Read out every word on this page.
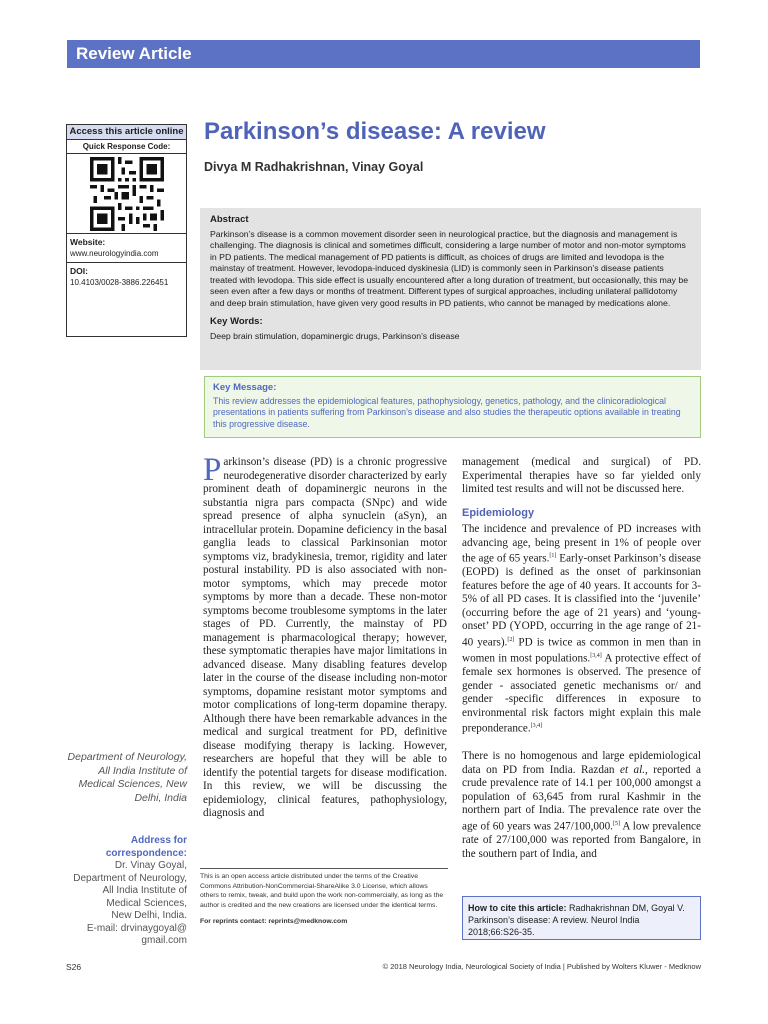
Review Article
Access this article online
Quick Response Code:
Website:
www.neurologyindia.com
DOI:
10.4103/0028-3886.226451
Parkinson’s disease: A review
Divya M Radhakrishnan, Vinay Goyal
Abstract

Parkinson’s disease is a common movement disorder seen in neurological practice, but the diagnosis and management is challenging. The diagnosis is clinical and sometimes difficult, considering a large number of motor and non-motor symptoms in PD patients. The medical management of PD patients is difficult, as choices of drugs are limited and levodopa is the mainstay of treatment. However, levodopa-induced dyskinesia (LID) is commonly seen in Parkinson’s disease patients treated with levodopa. This side effect is usually encountered after a long duration of treatment, but occasionally, this may be seen even after a few days or months of treatment. Different types of surgical approaches, including unilateral pallidotomy and deep brain stimulation, have given very good results in PD patients, who cannot be managed by medications alone.

Key Words:

Deep brain stimulation, dopaminergic drugs, Parkinson’s disease

Key Message:

This review addresses the epidemiological features, pathophysiology, genetics, pathology, and the clinicoradiological presentations in patients suffering from Parkinson’s disease and also studies the therapeutic options available in treating this progressive disease.

Parkinson’s disease (PD) is a chronic progressive neurodegenerative disorder characterized by early prominent death of dopaminergic neurons in the substantia nigra pars compacta (SNpc) and wide spread presence of alpha synuclein (aSyn), an intracellular protein. Dopamine deficiency in the basal ganglia leads to classical Parkinsonian motor symptoms viz, bradykinesia, tremor, rigidity and later postural instability. PD is also associated with non-motor symptoms, which may precede motor symptoms by more than a decade. These non-motor symptoms become troublesome symptoms in the later stages of PD. Currently, the mainstay of PD management is pharmacological therapy; however, these symptomatic therapies have major limitations in advanced disease. Many disabling features develop later in the course of the disease including non-motor symptoms, dopamine resistant motor symptoms and motor complications of long-term dopamine therapy. Although there have been remarkable advances in the medical and surgical treatment for PD, definitive disease modifying therapy is lacking. However, researchers are hopeful that they will be able to identify the potential targets for disease modification. In this review, we will be discussing the epidemiology, clinical features, pathophysiology, diagnosis and

management (medical and surgical) of PD. Experimental therapies have so far yielded only limited test results and will not be discussed here.

Epidemiology

The incidence and prevalence of PD increases with advancing age, being present in 1% of people over the age of 65 years.[1] Early-onset Parkinson’s disease (EOPD) is defined as the onset of parkinsonian features before the age of 40 years. It accounts for 3-5% of all PD cases. It is classified into the ‘juvenile’ (occurring before the age of 21 years) and ‘young-onset’ PD (YOPD, occurring in the age range of 21- 40 years).[2] PD is twice as common in men than in women in most populations.[3,4] A protective effect of female sex hormones is observed. The presence of gender - associated genetic mechanisms or/ and gender -specific differences in exposure to environmental risk factors might explain this male preponderance.[3,4]

There is no homogenous and large epidemiological data on PD from India. Razdan et al., reported a crude prevalence rate of 14.1 per 100,000 amongst a population of 63,645 from rural Kashmir in the northern part of India. The prevalence rate over the age of 60 years was 247/100,000.[5] A low prevalence rate of 27/100,000 was reported from Bangalore, in the southern part of India, and

Department of Neurology, All India Institute of Medical Sciences, New Delhi, India
Address for correspondence:
Dr. Vinay Goyal,
Department of Neurology,
All India Institute of
Medical Sciences,
New Delhi, India.
E-mail: drvinaygoyal@
gmail.com

This is an open access article distributed under the terms of the Creative Commons Attribution-NonCommercial-ShareAlike 3.0 License, which allows others to remix, tweak, and build upon the work non-commercially, as long as the author is credited and the new creations are licensed under the identical terms.

For reprints contact: reprints@medknow.com

How to cite this article: Radhakrishnan DM, Goyal V. Parkinson’s disease: A review. Neurol India 2018;66:S26-35.
S26	© 2018 Neurology India, Neurological Society of India | Published by Wolters Kluwer - Medknow
